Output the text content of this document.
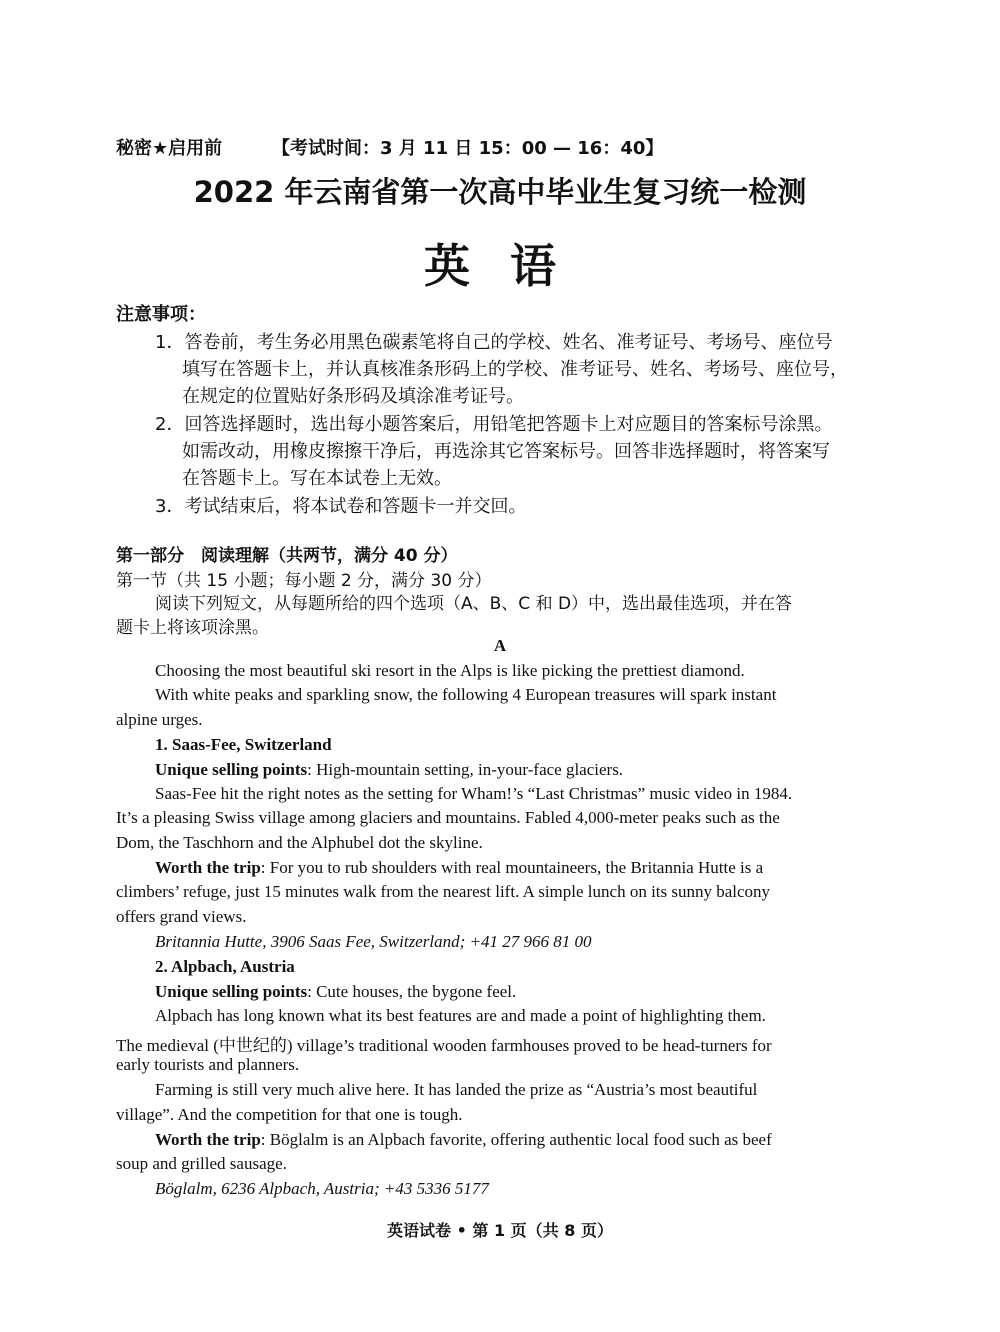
秘密★启用前	【考试时间：3 月 11 日 15：00 — 16：40】
2022 年云南省第一次高中毕业生复习统一检测
英语
注意事项：
1．答卷前，考生务必用黑色碳素笔将自己的学校、姓名、准考证号、考场号、座位号
填写在答题卡上，并认真核准条形码上的学校、准考证号、姓名、考场号、座位号，
在规定的位置贴好条形码及填涂准考证号。
2．回答选择题时，选出每小题答案后，用铅笔把答题卡上对应题目的答案标号涂黑。
如需改动，用橡皮擦擦干净后，再选涂其它答案标号。回答非选择题时，将答案写
在答题卡上。写在本试卷上无效。
3．考试结束后，将本试卷和答题卡一并交回。
第一部分　阅读理解（共两节，满分 40 分）
第一节（共 15 小题；每小题 2 分，满分 30 分）
阅读下列短文，从每题所给的四个选项（A、B、C 和 D）中，选出最佳选项，并在答
题卡上将该项涂黑。
A
Choosing the most beautiful ski resort in the Alps is like picking the prettiest diamond.
With white peaks and sparkling snow, the following 4 European treasures will spark instant
alpine urges.
1. Saas-Fee, Switzerland
Unique selling points: High-mountain setting, in-your-face glaciers.
Saas-Fee hit the right notes as the setting for Wham!’s “Last Christmas” music video in 1984.
It’s a pleasing Swiss village among glaciers and mountains. Fabled 4,000-meter peaks such as the
Dom, the Taschhorn and the Alphubel dot the skyline.
Worth the trip: For you to rub shoulders with real mountaineers, the Britannia Hutte is a
climbers’ refuge, just 15 minutes walk from the nearest lift. A simple lunch on its sunny balcony
offers grand views.
Britannia Hutte, 3906 Saas Fee, Switzerland; +41 27 966 81 00
2. Alpbach, Austria
Unique selling points: Cute houses, the bygone feel.
Alpbach has long known what its best features are and made a point of highlighting them.
The medieval (中世纪的) village’s traditional wooden farmhouses proved to be head-turners for
early tourists and planners.
Farming is still very much alive here. It has landed the prize as “Austria’s most beautiful
village”. And the competition for that one is tough.
Worth the trip: Böglalm is an Alpbach favorite, offering authentic local food such as beef
soup and grilled sausage.
Böglalm, 6236 Alpbach, Austria; +43 5336 5177
英语试卷 • 第 1 页（共 8 页）
